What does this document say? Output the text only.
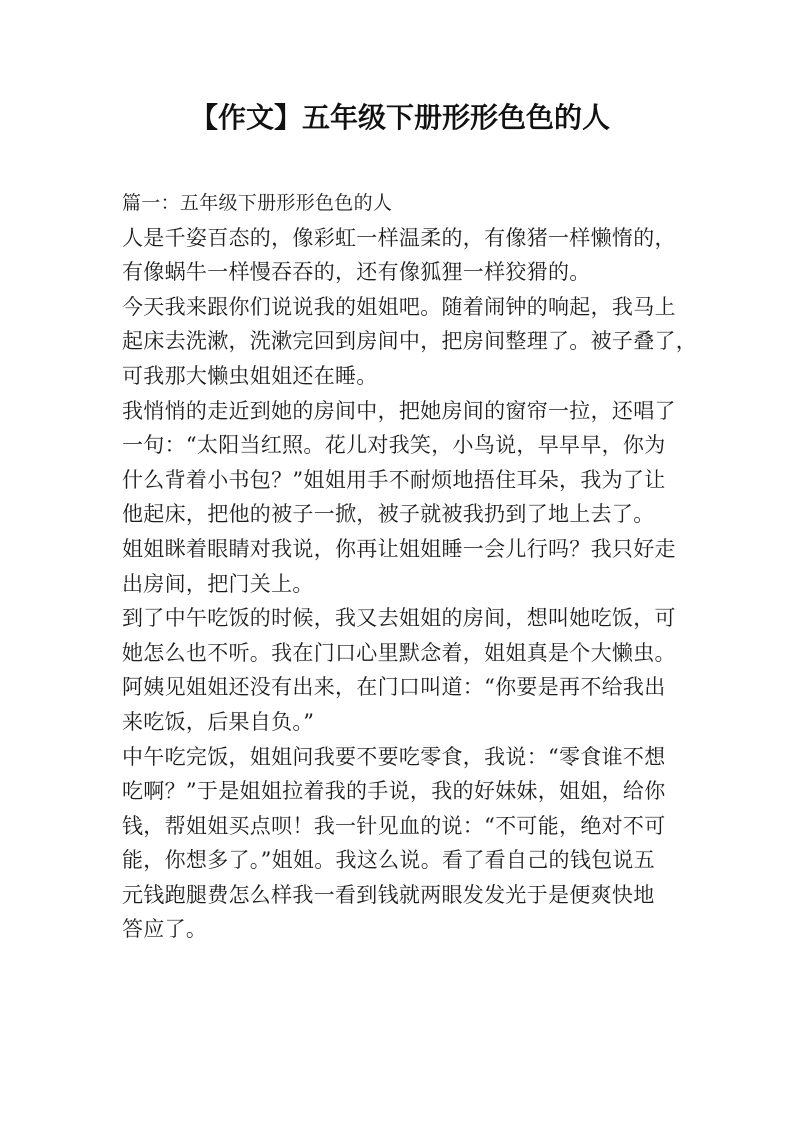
【作文】五年级下册形形色色的人
篇一：五年级下册形形色色的人
人是千姿百态的，像彩虹一样温柔的，有像猪一样懒惰的，
有像蜗牛一样慢吞吞的，还有像狐狸一样狡猾的。
今天我来跟你们说说我的姐姐吧。随着闹钟的响起，我马上
起床去洗漱，洗漱完回到房间中，把房间整理了。被子叠了，
可我那大懒虫姐姐还在睡。
我悄悄的走近到她的房间中，把她房间的窗帘一拉，还唱了
一句：“太阳当红照。花儿对我笑，小鸟说，早早早，你为
什么背着小书包？”姐姐用手不耐烦地捂住耳朵，我为了让
他起床，把他的被子一掀，被子就被我扔到了地上去了。
姐姐眯着眼睛对我说，你再让姐姐睡一会儿行吗？我只好走
出房间，把门关上。
到了中午吃饭的时候，我又去姐姐的房间，想叫她吃饭，可
她怎么也不听。我在门口心里默念着，姐姐真是个大懒虫。
阿姨见姐姐还没有出来，在门口叫道：“你要是再不给我出
来吃饭，后果自负。”
中午吃完饭，姐姐问我要不要吃零食，我说：“零食谁不想
吃啊？”于是姐姐拉着我的手说，我的好妹妹，姐姐，给你
钱，帮姐姐买点呗！我一针见血的说：“不可能，绝对不可
能，你想多了。”姐姐。我这么说。看了看自己的钱包说五
元钱跑腿费怎么样我一看到钱就两眼发发光于是便爽快地
答应了。
